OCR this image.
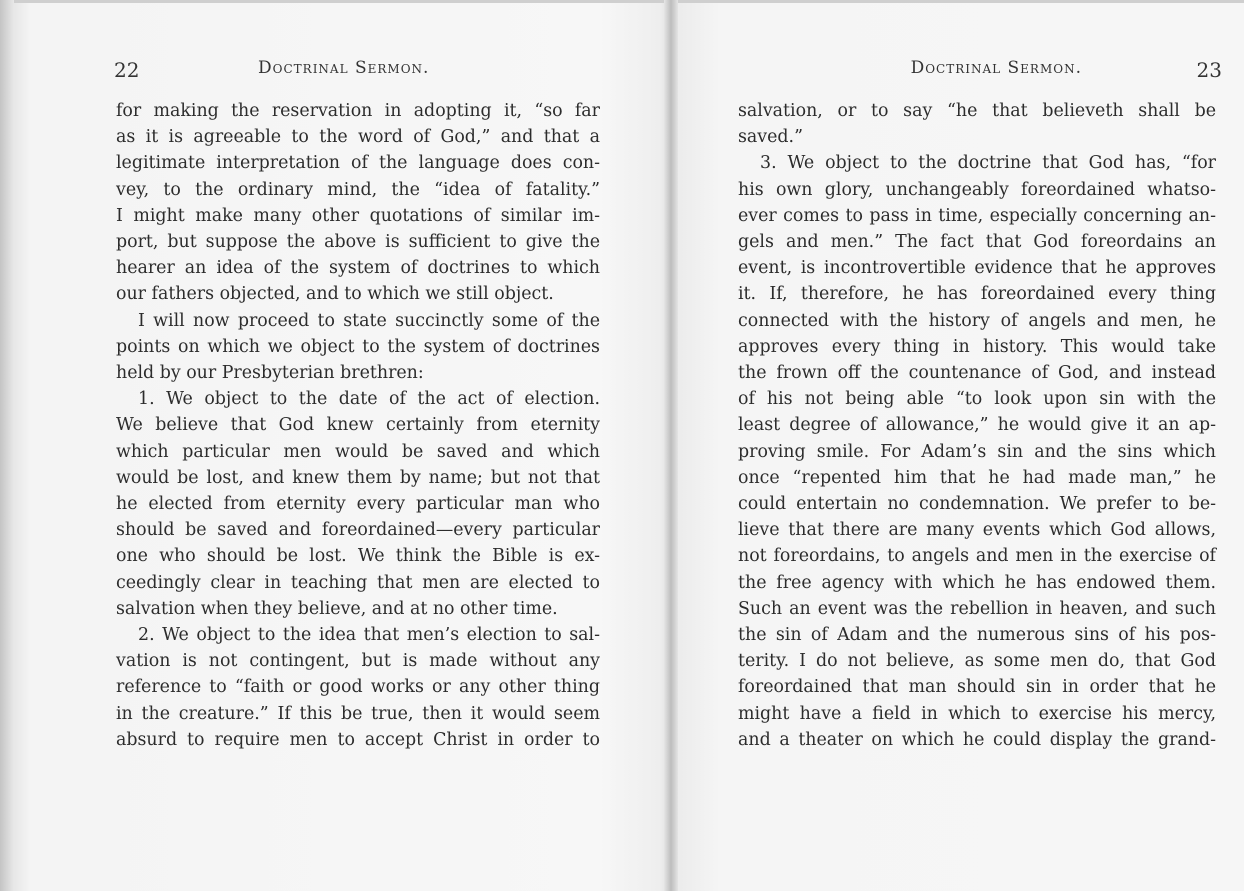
22	Doctrinal Sermon.
for making the reservation in adopting it, “so far
as it is agreeable to the word of God,” and that a
legitimate interpretation of the language does con-
vey, to the ordinary mind, the “idea of fatality.”
I might make many other quotations of similar im-
port, but suppose the above is sufficient to give the
hearer an idea of the system of doctrines to which
our fathers objected, and to which we still object.
I will now proceed to state succinctly some of the
points on which we object to the system of doctrines
held by our Presbyterian brethren:
1. We object to the date of the act of election.
We believe that God knew certainly from eternity
which particular men would be saved and which
would be lost, and knew them by name; but not that
he elected from eternity every particular man who
should be saved and foreordained—every particular
one who should be lost. We think the Bible is ex-
ceedingly clear in teaching that men are elected to
salvation when they believe, and at no other time.
2. We object to the idea that men’s election to sal-
vation is not contingent, but is made without any
reference to “faith or good works or any other thing
in the creature.” If this be true, then it would seem
absurd to require men to accept Christ in order to
Doctrinal Sermon.	23
salvation, or to say “he that believeth shall be
saved.”
3. We object to the doctrine that God has, “for
his own glory, unchangeably foreordained whatso-
ever comes to pass in time, especially concerning an-
gels and men.” The fact that God foreordains an
event, is incontrovertible evidence that he approves
it. If, therefore, he has foreordained every thing
connected with the history of angels and men, he
approves every thing in history. This would take
the frown off the countenance of God, and instead
of his not being able “to look upon sin with the
least degree of allowance,” he would give it an ap-
proving smile. For Adam’s sin and the sins which
once “repented him that he had made man,” he
could entertain no condemnation. We prefer to be-
lieve that there are many events which God allows,
not foreordains, to angels and men in the exercise of
the free agency with which he has endowed them.
Such an event was the rebellion in heaven, and such
the sin of Adam and the numerous sins of his pos-
terity. I do not believe, as some men do, that God
foreordained that man should sin in order that he
might have a field in which to exercise his mercy,
and a theater on which he could display the grand-
